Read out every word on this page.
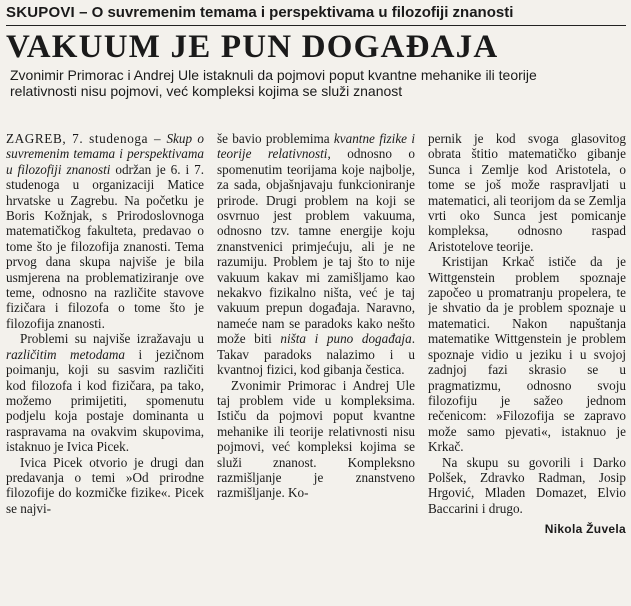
SKUPOVI – O suvremenim temama i perspektivama u filozofiji znanosti
VAKUUM JE PUN DOGAĐAJA
Zvonimir Primorac i Andrej Ule istaknuli da pojmovi poput kvantne mehanike ili teorije
relativnosti nisu pojmovi, već kompleksi kojima se služi znanost

ZAGREB, 7. studenoga – Skup o suvremenim temama i perspektivama u filozofiji znanosti održan je 6. i 7. studenoga u organizaciji Matice hrvatske u Zagrebu. Na početku je Boris Kožnjak, s Prirodoslovnoga matematičkog fakulteta, predavao o tome što je filozofija znanosti. Tema prvog dana skupa najviše je bila usmjerena na problematiziranje ove teme, odnosno na različite stavove fizičara i filozofa o tome što je filozofija znanosti.

Problemi su najviše izražavaju u različitim metodama i jezičnom poimanju, koji su sasvim različiti kod filozofa i kod fizičara, pa tako, možemo primijetiti, spomenutu podjelu koja postaje dominanta u raspravama na ovakvim skupovima, istaknuo je Ivica Picek.

Ivica Picek otvorio je drugi dan predavanja o temi »Od prirodne filozofije do kozmičke fizike«. Picek se najvi-

še bavio problemima kvantne fizike i teorije relativnosti, odnosno o spomenutim teorijama koje najbolje, za sada, objašnjavaju funkcioniranje prirode. Drugi problem na koji se osvrnuo jest problem vakuuma, odnosno tzv. tamne energije koju znanstvenici primjećuju, ali je ne razumiju. Problem je taj što to nije vakuum kakav mi zamišljamo kao nekakvo fizikalno ništa, već je taj vakuum prepun događaja. Naravno, nameće nam se paradoks kako nešto može biti ništa i puno događaja. Takav paradoks nalazimo i u kvantnoj fizici, kod gibanja čestica.

Zvonimir Primorac i Andrej Ule taj problem vide u kompleksima. Ističu da pojmovi poput kvantne mehanike ili teorije relativnosti nisu pojmovi, već kompleksi kojima se služi znanost. Kompleksno razmišljanje je znanstveno razmišljanje. Ko-

pernik je kod svoga glasovitog obrata štitio matematičko gibanje Sunca i Zemlje kod Aristotela, o tome se još može raspravljati u matematici, ali teorijom da se Zemlja vrti oko Sunca jest pomicanje kompleksa, odnosno raspad Aristotelove teorije.

Kristijan Krkač ističe da je Wittgenstein problem spoznaje započeo u promatranju propelera, te je shvatio da je problem spoznaje u matematici. Nakon napuštanja matematike Wittgenstein je problem spoznaje vidio u jeziku i u svojoj zadnjoj fazi skrasio se u pragmatizmu, odnosno svoju filozofiju je sažeo jednom rečenicom: »Filozofija se zapravo može samo pjevati«, istaknuo je Krkač.

Na skupu su govorili i Darko Polšek, Zdravko Radman, Josip Hrgović, Mladen Domazet, Elvio Baccarini i drugo.

Nikola Žuvela
